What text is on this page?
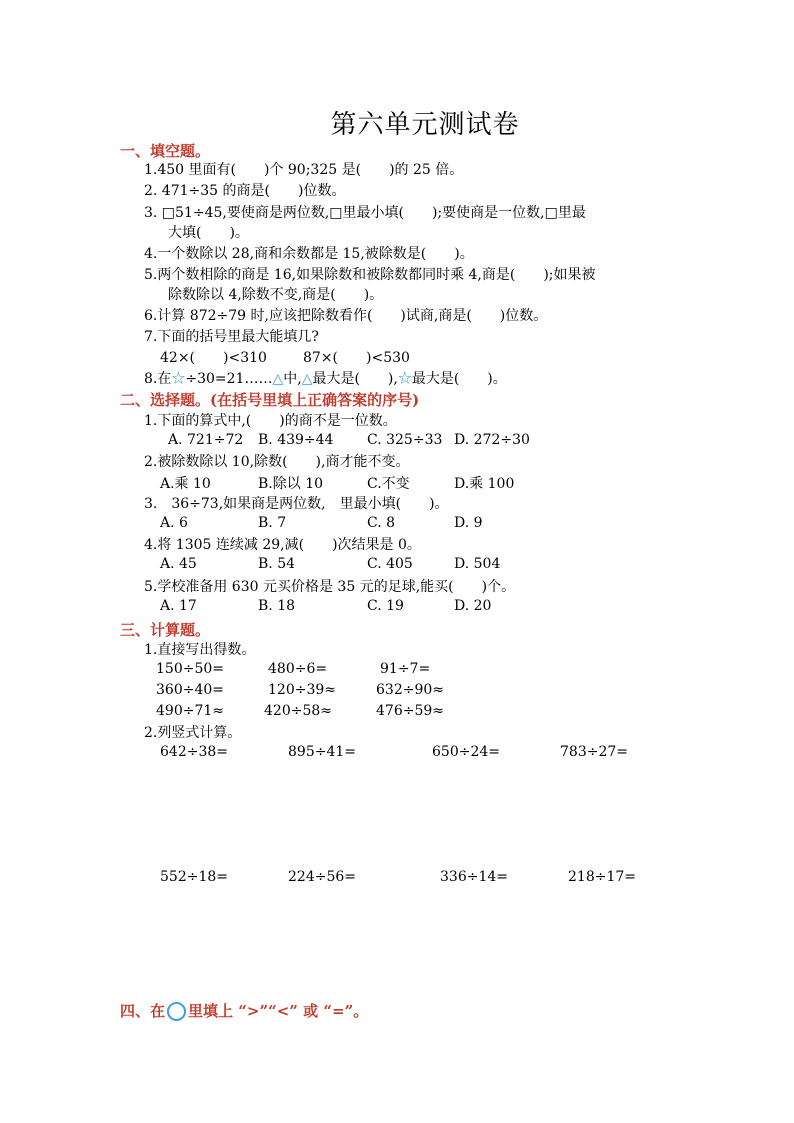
第六单元测试卷
一、填空题。
1.450 里面有(　　)个 90;325 是(　　)的 25 倍。
2. 471÷35 的商是(　　)位数。
3. □51÷45,要使商是两位数,□里最小填(　　);要使商是一位数,□里最
大填(　　)。
4.一个数除以 28,商和余数都是 15,被除数是(　　)。
5.两个数相除的商是 16,如果除数和被除数都同时乘 4,商是(　　);如果被
除数除以 4,除数不变,商是(　　)。
6.计算 872÷79 时,应该把除数看作(　　)试商,商是(　　)位数。
7.下面的括号里最大能填几?
42×(　　)<310	87×(　　)<530
8.在☆÷30=21……△中,△最大是(　　),☆最大是(　　)。
二、选择题。(在括号里填上正确答案的序号)
1.下面的算式中,(　　)的商不是一位数。
A. 721÷72 B. 439÷44 C. 325÷33 D. 272÷30
2.被除数除以 10,除数(　　),商才能不变。
A.乘 10	B.除以 10	C.不变	D.乘 100
3.　36÷73,如果商是两位数,　里最小填(　　)。
A. 6	B. 7	C. 8	D. 9
4.将 1305 连续减 29,减(　　)次结果是 0。
A. 45	B. 54	C. 405	D. 504
5.学校准备用 630 元买价格是 35 元的足球,能买(　　)个。
A. 17	B. 18	C. 19	D. 20
三、计算题。
1.直接写出得数。
150÷50=	480÷6=	91÷7=
360÷40=	120÷39≈	632÷90≈
490÷71≈	420÷58≈	476÷59≈
2.列竖式计算。
642÷38=	895÷41=	650÷24=	783÷27=
552÷18=	224÷56=	336÷14=	218÷17=
四、在 里填上 “>”“<” 或 “=”。
